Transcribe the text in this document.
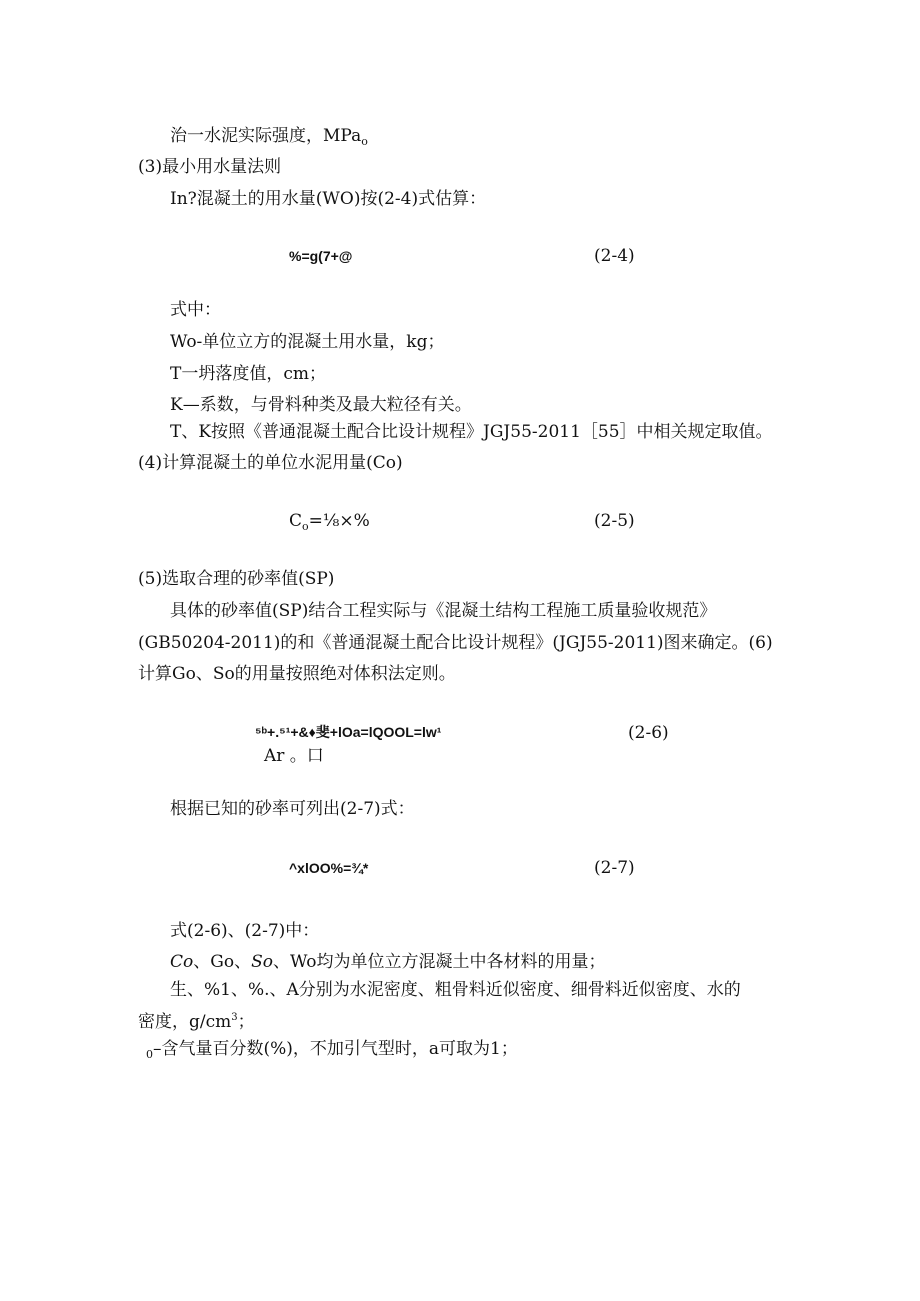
治一水泥实际强度，MPa$_o$
(3)最小用水量法则
In?混凝土的用水量(WO)按(2-4)式估算：
%=g(7+@	(2-4)
式中：
Wo-单位立方的混凝土用水量，kg；
T一坍落度值，cm；
K—系数，与骨料种类及最大粒径有关。
T、K按照《普通混凝土配合比设计规程》JGJ55-2011［55］中相关规定取值。
(4)计算混凝土的单位水泥用量(Co)
$C_o=\frac{1}{8}\times\%$	(2-5)
(5)选取合理的砂率值(SP)
具体的砂率值(SP)结合工程实际与《混凝土结构工程施工质量验收规范》
(GB50204-2011)的和《普通混凝土配合比设计规程》(JGJ55-2011)图来确定。(6)
计算Go、So的用量按照绝对体积法定则。
⁵ᵇ+.⁵¹+&♦斐+lOa=lQOOL=lw¹
Ar 。口
(2-6)
根据已知的砂率可列出(2-7)式：
^xlOO%=¾*	(2-7)
式(2-6)、(2-7)中：
Co、Go、So、Wo均为单位立方混凝土中各材料的用量；
生、%1、%.、A分别为水泥密度、粗骨料近似密度、细骨料近似密度、水的
密度，$g/cm^3$；
$_0$–含气量百分数(%)，不加引气型时，a可取为1；
